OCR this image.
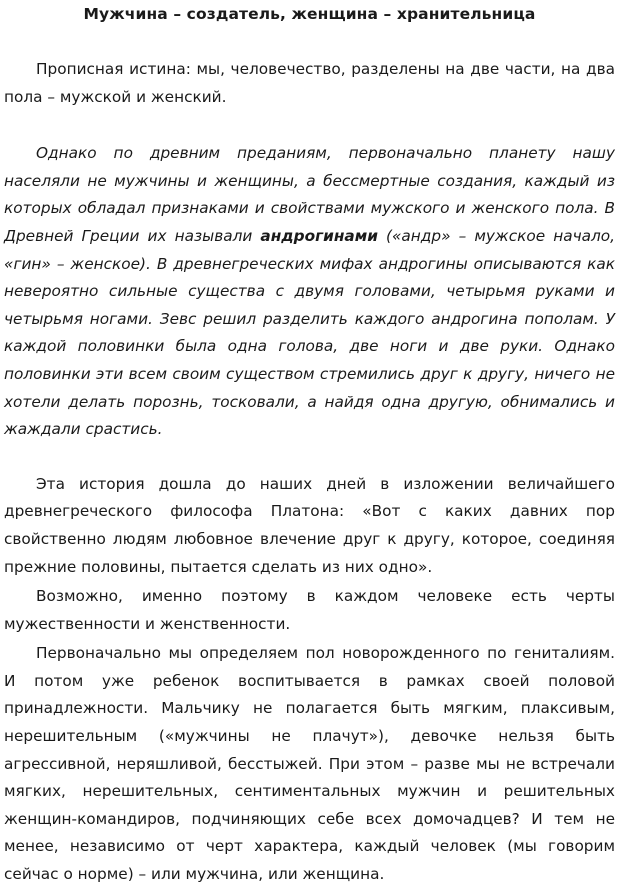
Мужчина – создатель, женщина – хранительница

Прописная истина: мы, человечество, разделены на две части, на два пола – мужской и женский.

Однако по древним преданиям, первоначально планету нашу населяли не мужчины и женщины, а бессмертные создания, каждый из которых обладал признаками и свойствами мужского и женского пола. В Древней Греции их называли андрогинами («андр» – мужское начало, «гин» – женское). В древнегреческих мифах андрогины описываются как невероятно сильные существа с двумя головами, четырьмя руками и четырьмя ногами. Зевс решил разделить каждого андрогина пополам. У каждой половинки была одна голова, две ноги и две руки. Однако половинки эти всем своим существом стремились друг к другу, ничего не хотели делать порознь, тосковали, а найдя одна другую, обнимались и жаждали срастись.

Эта история дошла до наших дней в изложении величайшего древнегреческого философа Платона: «Вот с каких давних пор свойственно людям любовное влечение друг к другу, которое, соединяя прежние половины, пытается сделать из них одно».

Возможно, именно поэтому в каждом человеке есть черты мужественности и женственности.

Первоначально мы определяем пол новорожденного по гениталиям. И потом уже ребенок воспитывается в рамках своей половой принадлежности. Мальчику не полагается быть мягким, плаксивым, нерешительным («мужчины не плачут»), девочке нельзя быть агрессивной, неряшливой, бесстыжей. При этом – разве мы не встречали мягких, нерешительных, сентиментальных мужчин и решительных женщин-командиров, подчиняющих себе всех домочадцев? И тем не менее, независимо от черт характера, каждый человек (мы говорим сейчас о норме) – или мужчина, или женщина.
